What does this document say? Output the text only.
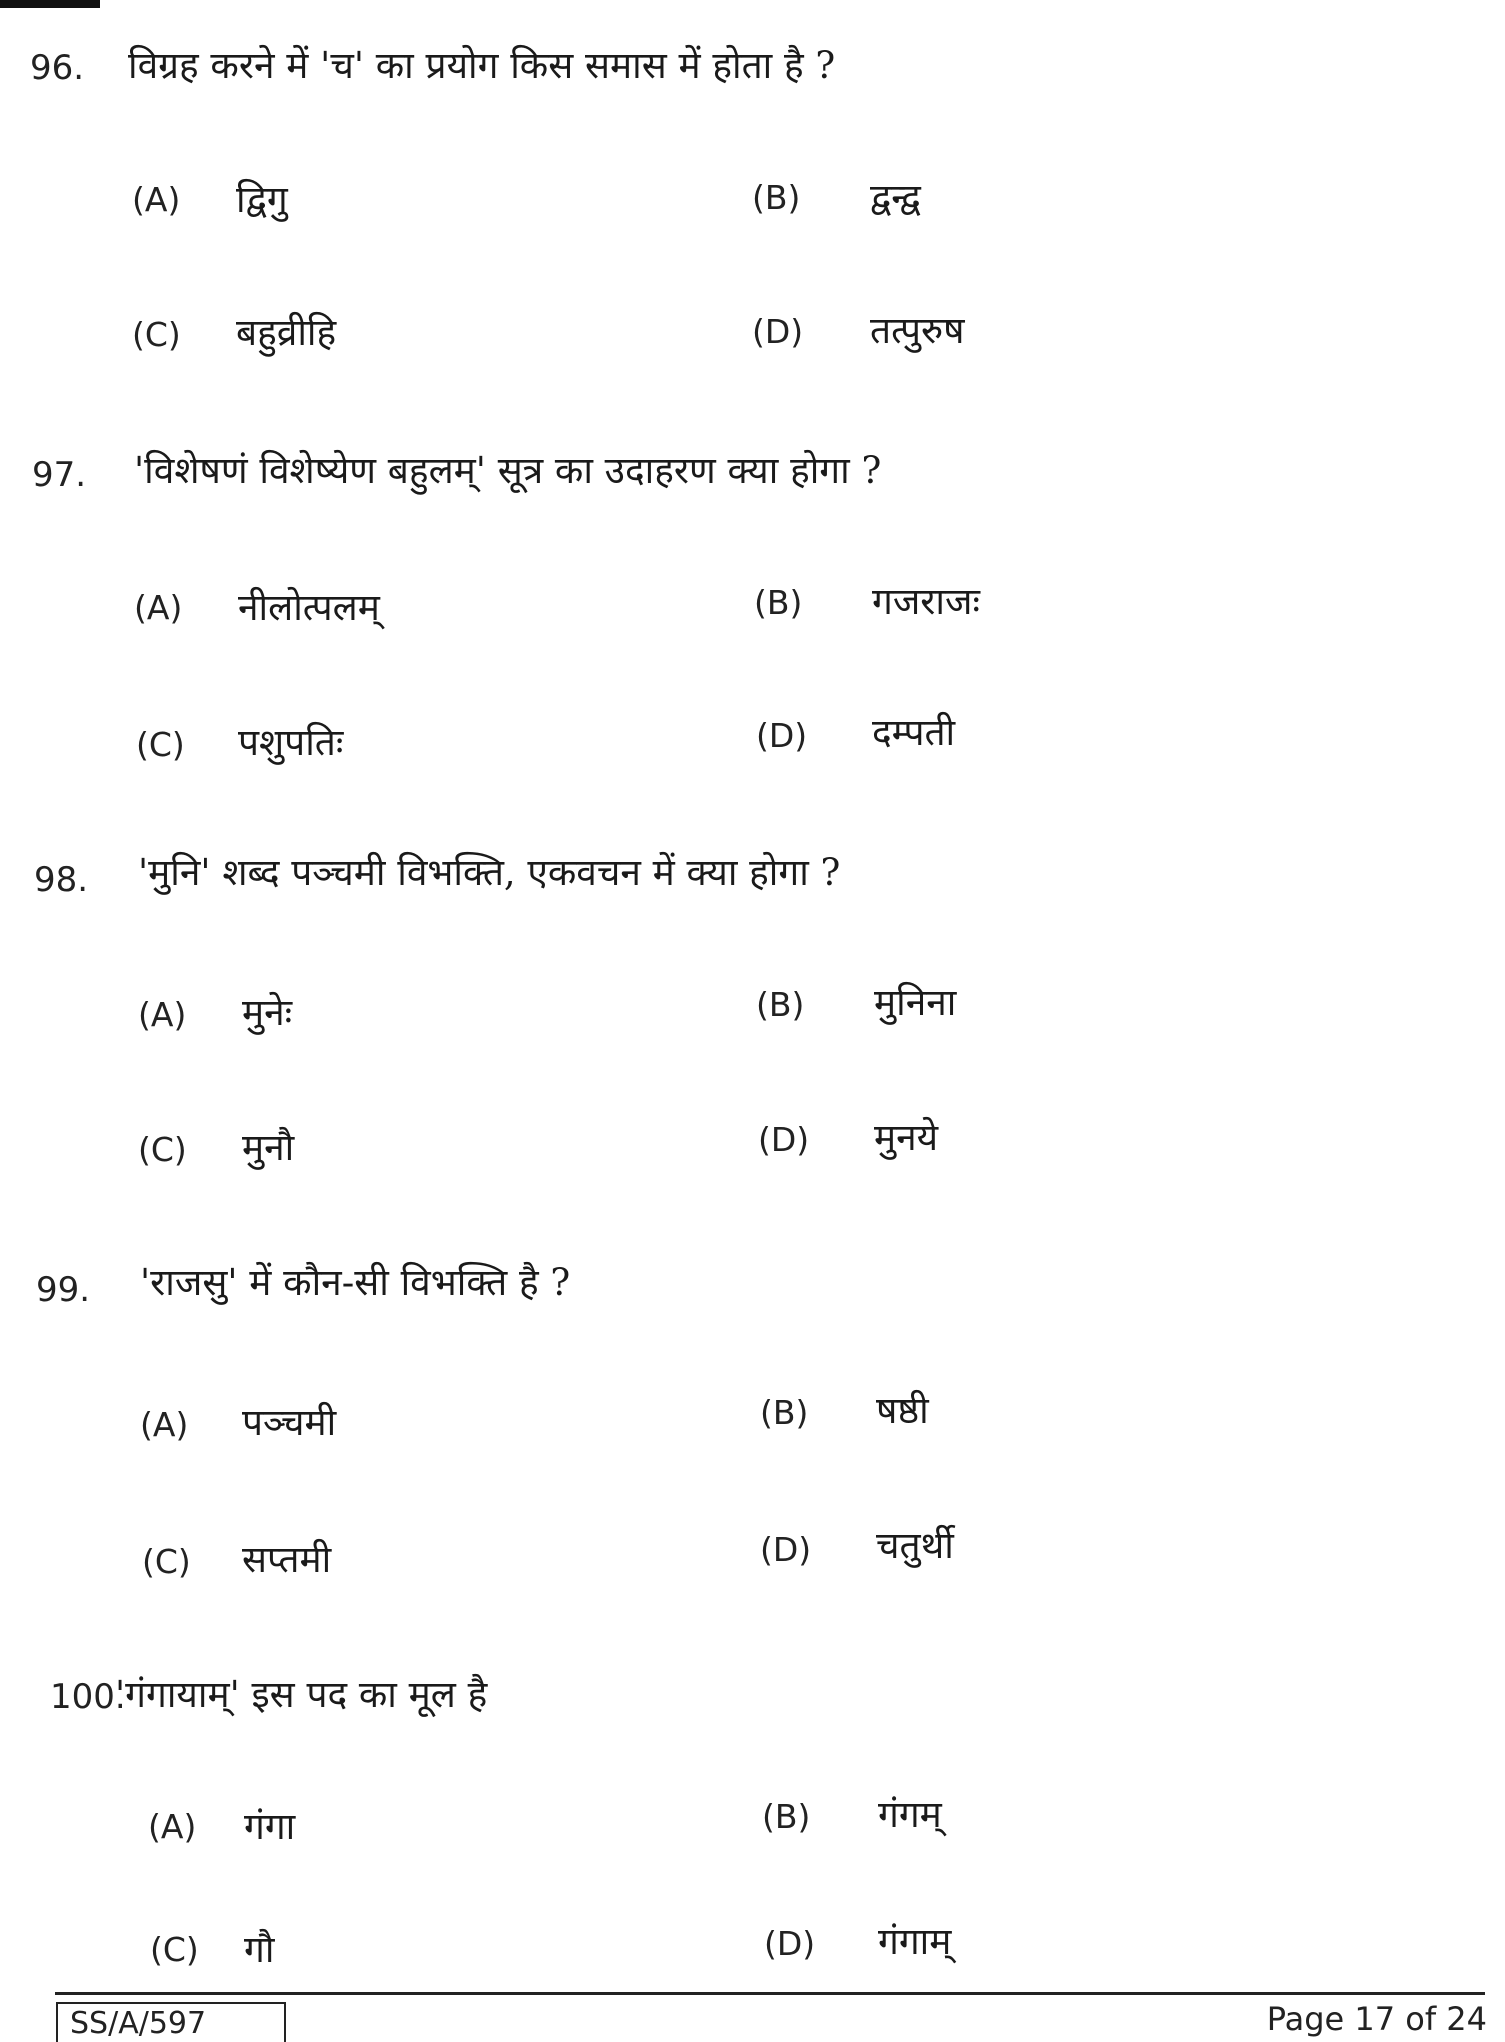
96. विग्रह करने में 'च' का प्रयोग किस समास में होता है ?
(A) द्विगु	(B) द्वन्द्व
(C) बहुव्रीहि	(D) तत्पुरुष
97. 'विशेषणं विशेष्येण बहुलम्' सूत्र का उदाहरण क्या होगा ?
(A) नीलोत्पलम्	(B) गजराजः
(C) पशुपतिः	(D) दम्पती
98. 'मुनि' शब्द पञ्चमी विभक्ति, एकवचन में क्या होगा ?
(A) मुनेः	(B) मुनिना
(C) मुनौ	(D) मुनये
99. 'राजसु' में कौन-सी विभक्ति है ?
(A) पञ्चमी	(B) षष्ठी
(C) सप्तमी	(D) चतुर्थी
100.
'गंगायाम्' इस पद का मूल है
(A) गंगा	(B) गंगम्
(C) गौ	(D) गंगाम्
SS/A/597	Page 17 of 24
